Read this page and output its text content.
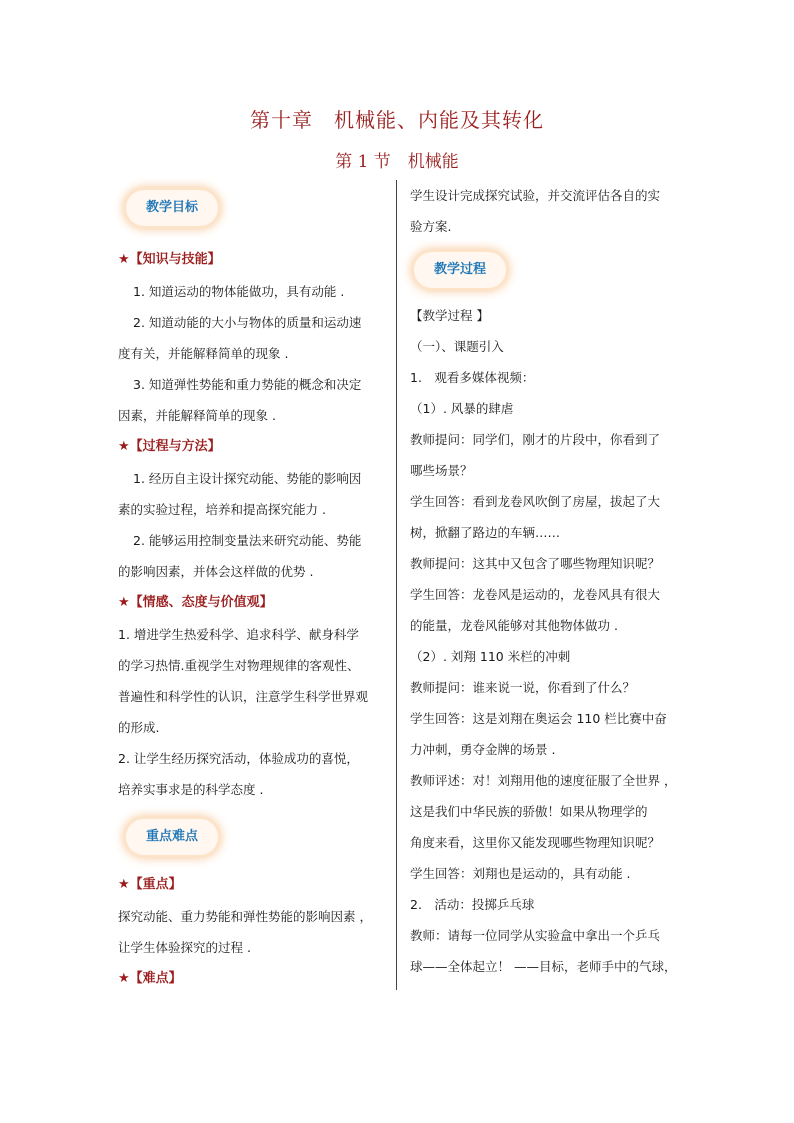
第十章　机械能、内能及其转化
第 1 节　机械能
教学目标

★【知识与技能】

1. 知道运动的物体能做功，具有动能 .

2. 知道动能的大小与物体的质量和运动速

度有关，并能解释简单的现象 .

3. 知道弹性势能和重力势能的概念和决定

因素，并能解释简单的现象 .

★【过程与方法】

1. 经历自主设计探究动能、势能的影响因

素的实验过程，培养和提高探究能力 .

2. 能够运用控制变量法来研究动能、势能

的影响因素，并体会这样做的优势 .

★【情感、态度与价值观】

1. 增进学生热爱科学、追求科学、献身科学

的学习热情.重视学生对物理规律的客观性、

普遍性和科学性的认识，注意学生科学世界观

的形成.

2. 让学生经历探究活动，体验成功的喜悦，

培养实事求是的科学态度 .

重点难点

★【重点】

探究动能、重力势能和弹性势能的影响因素 ，

让学生体验探究的过程 .

★【难点】

学生设计完成探究试验，并交流评估各自的实

验方案.

教学过程

【教学过程 】

（一）、课题引入

1.　观看多媒体视频：

（1）. 风暴的肆虐

教师提问：同学们，刚才的片段中，你看到了

哪些场景？

学生回答：看到龙卷风吹倒了房屋，拔起了大

树，掀翻了路边的车辆……

教师提问：这其中又包含了哪些物理知识呢？

学生回答：龙卷风是运动的，龙卷风具有很大

的能量，龙卷风能够对其他物体做功 .

（2）. 刘翔 110 米栏的冲刺

教师提问：谁来说一说，你看到了什么？

学生回答：这是刘翔在奥运会 110 栏比赛中奋

力冲刺，勇夺金牌的场景 .

教师评述：对！刘翔用他的速度征服了全世界 ，

这是我们中华民族的骄傲！如果从物理学的

角度来看，这里你又能发现哪些物理知识呢？

学生回答：刘翔也是运动的，具有动能 .

2.　活动：投掷乒乓球

教师：请每一位同学从实验盒中拿出一个乒乓

球——全体起立！ ——目标，老师手中的气球，
